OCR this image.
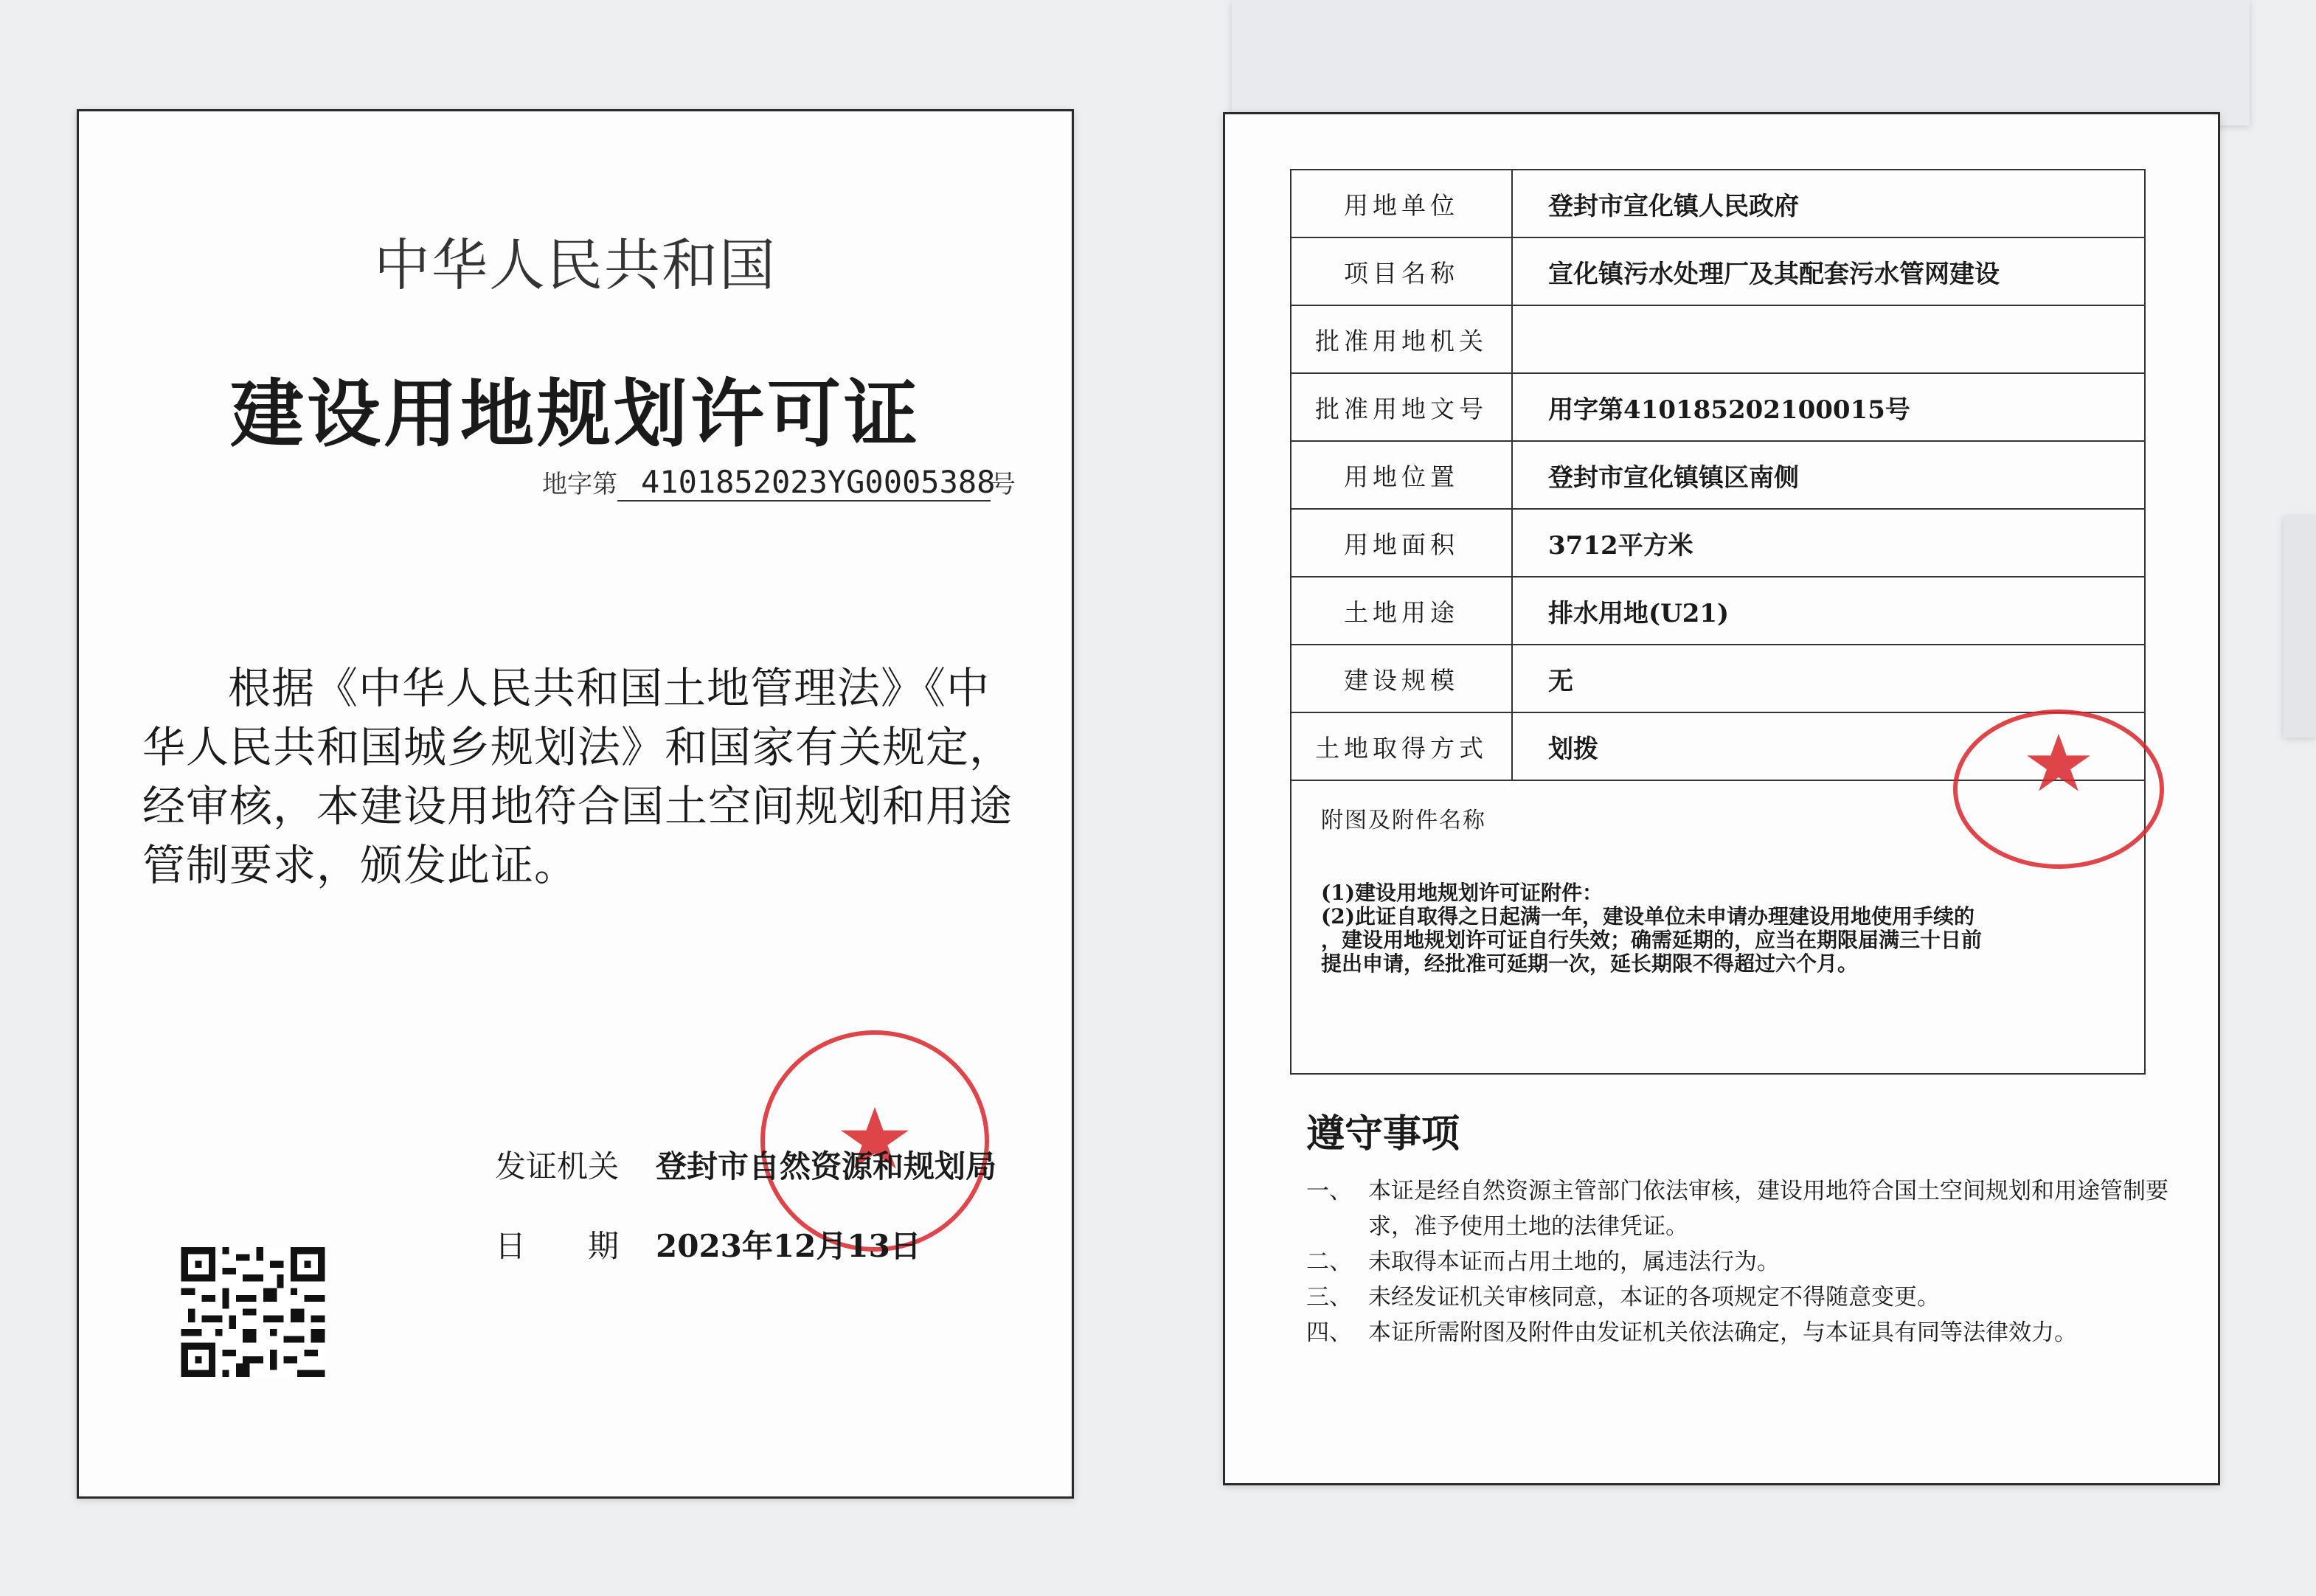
中华人民共和国
建设用地规划许可证
地字第 4101852023YG0005388号
根据《中华人民共和国土地管理法》《中华人民共和国城乡规划法》和国家有关规定，经审核，本建设用地符合国土空间规划和用途管制要求，颁发此证。
发证机关 登封市自然资源和规划局
日　　期 2023年12月13日
用地单位	登封市宣化镇人民政府
项目名称	宣化镇污水处理厂及其配套污水管网建设
批准用地机关	
批准用地文号	用字第410185202100015号
用地位置	登封市宣化镇镇区南侧
用地面积	3712平方米
土地用途	排水用地(U21)
建设规模	无
土地取得方式	划拨

附图及附件名称
(1)建设用地规划许可证附件：
(2)此证自取得之日起满一年，建设单位未申请办理建设用地使用手续的
，建设用地规划许可证自行失效；确需延期的，应当在期限届满三十日前
提出申请，经批准可延期一次，延长期限不得超过六个月。	
遵守事项
一、 本证是经自然资源主管部门依法审核，建设用地符合国土空间规划和用途管制要求，准予使用土地的法律凭证。
二、 未取得本证而占用土地的，属违法行为。
三、 未经发证机关审核同意，本证的各项规定不得随意变更。
四、 本证所需附图及附件由发证机关依法确定，与本证具有同等法律效力。
